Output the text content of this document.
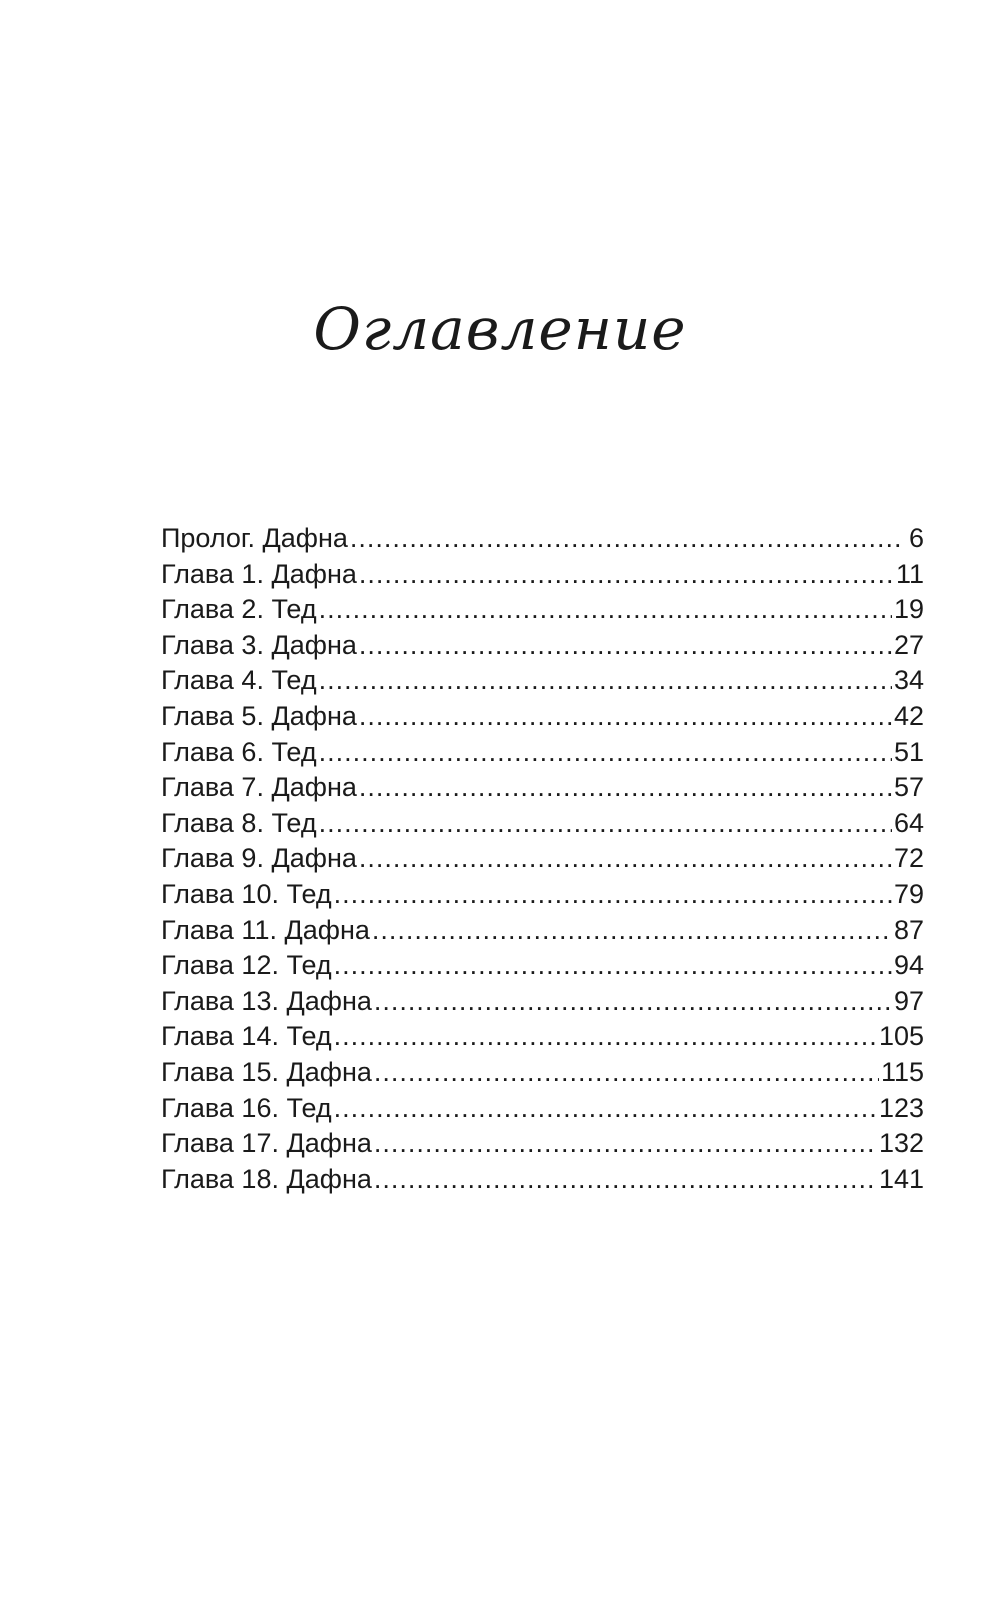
Оглавление
Пролог. Дафна .....	6
Глава 1. Дафна .....	11
Глава 2. Тед .....	19
Глава 3. Дафна .....	27
Глава 4. Тед .....	34
Глава 5. Дафна .....	42
Глава 6. Тед .....	51
Глава 7. Дафна .....	57
Глава 8. Тед .....	64
Глава 9. Дафна .....	72
Глава 10. Тед .....	79
Глава 11. Дафна .....	87
Глава 12. Тед .....	94
Глава 13. Дафна .....	97
Глава 14. Тед .....	105
Глава 15. Дафна .....	115
Глава 16. Тед .....	123
Глава 17. Дафна .....	132
Глава 18. Дафна .....	141
